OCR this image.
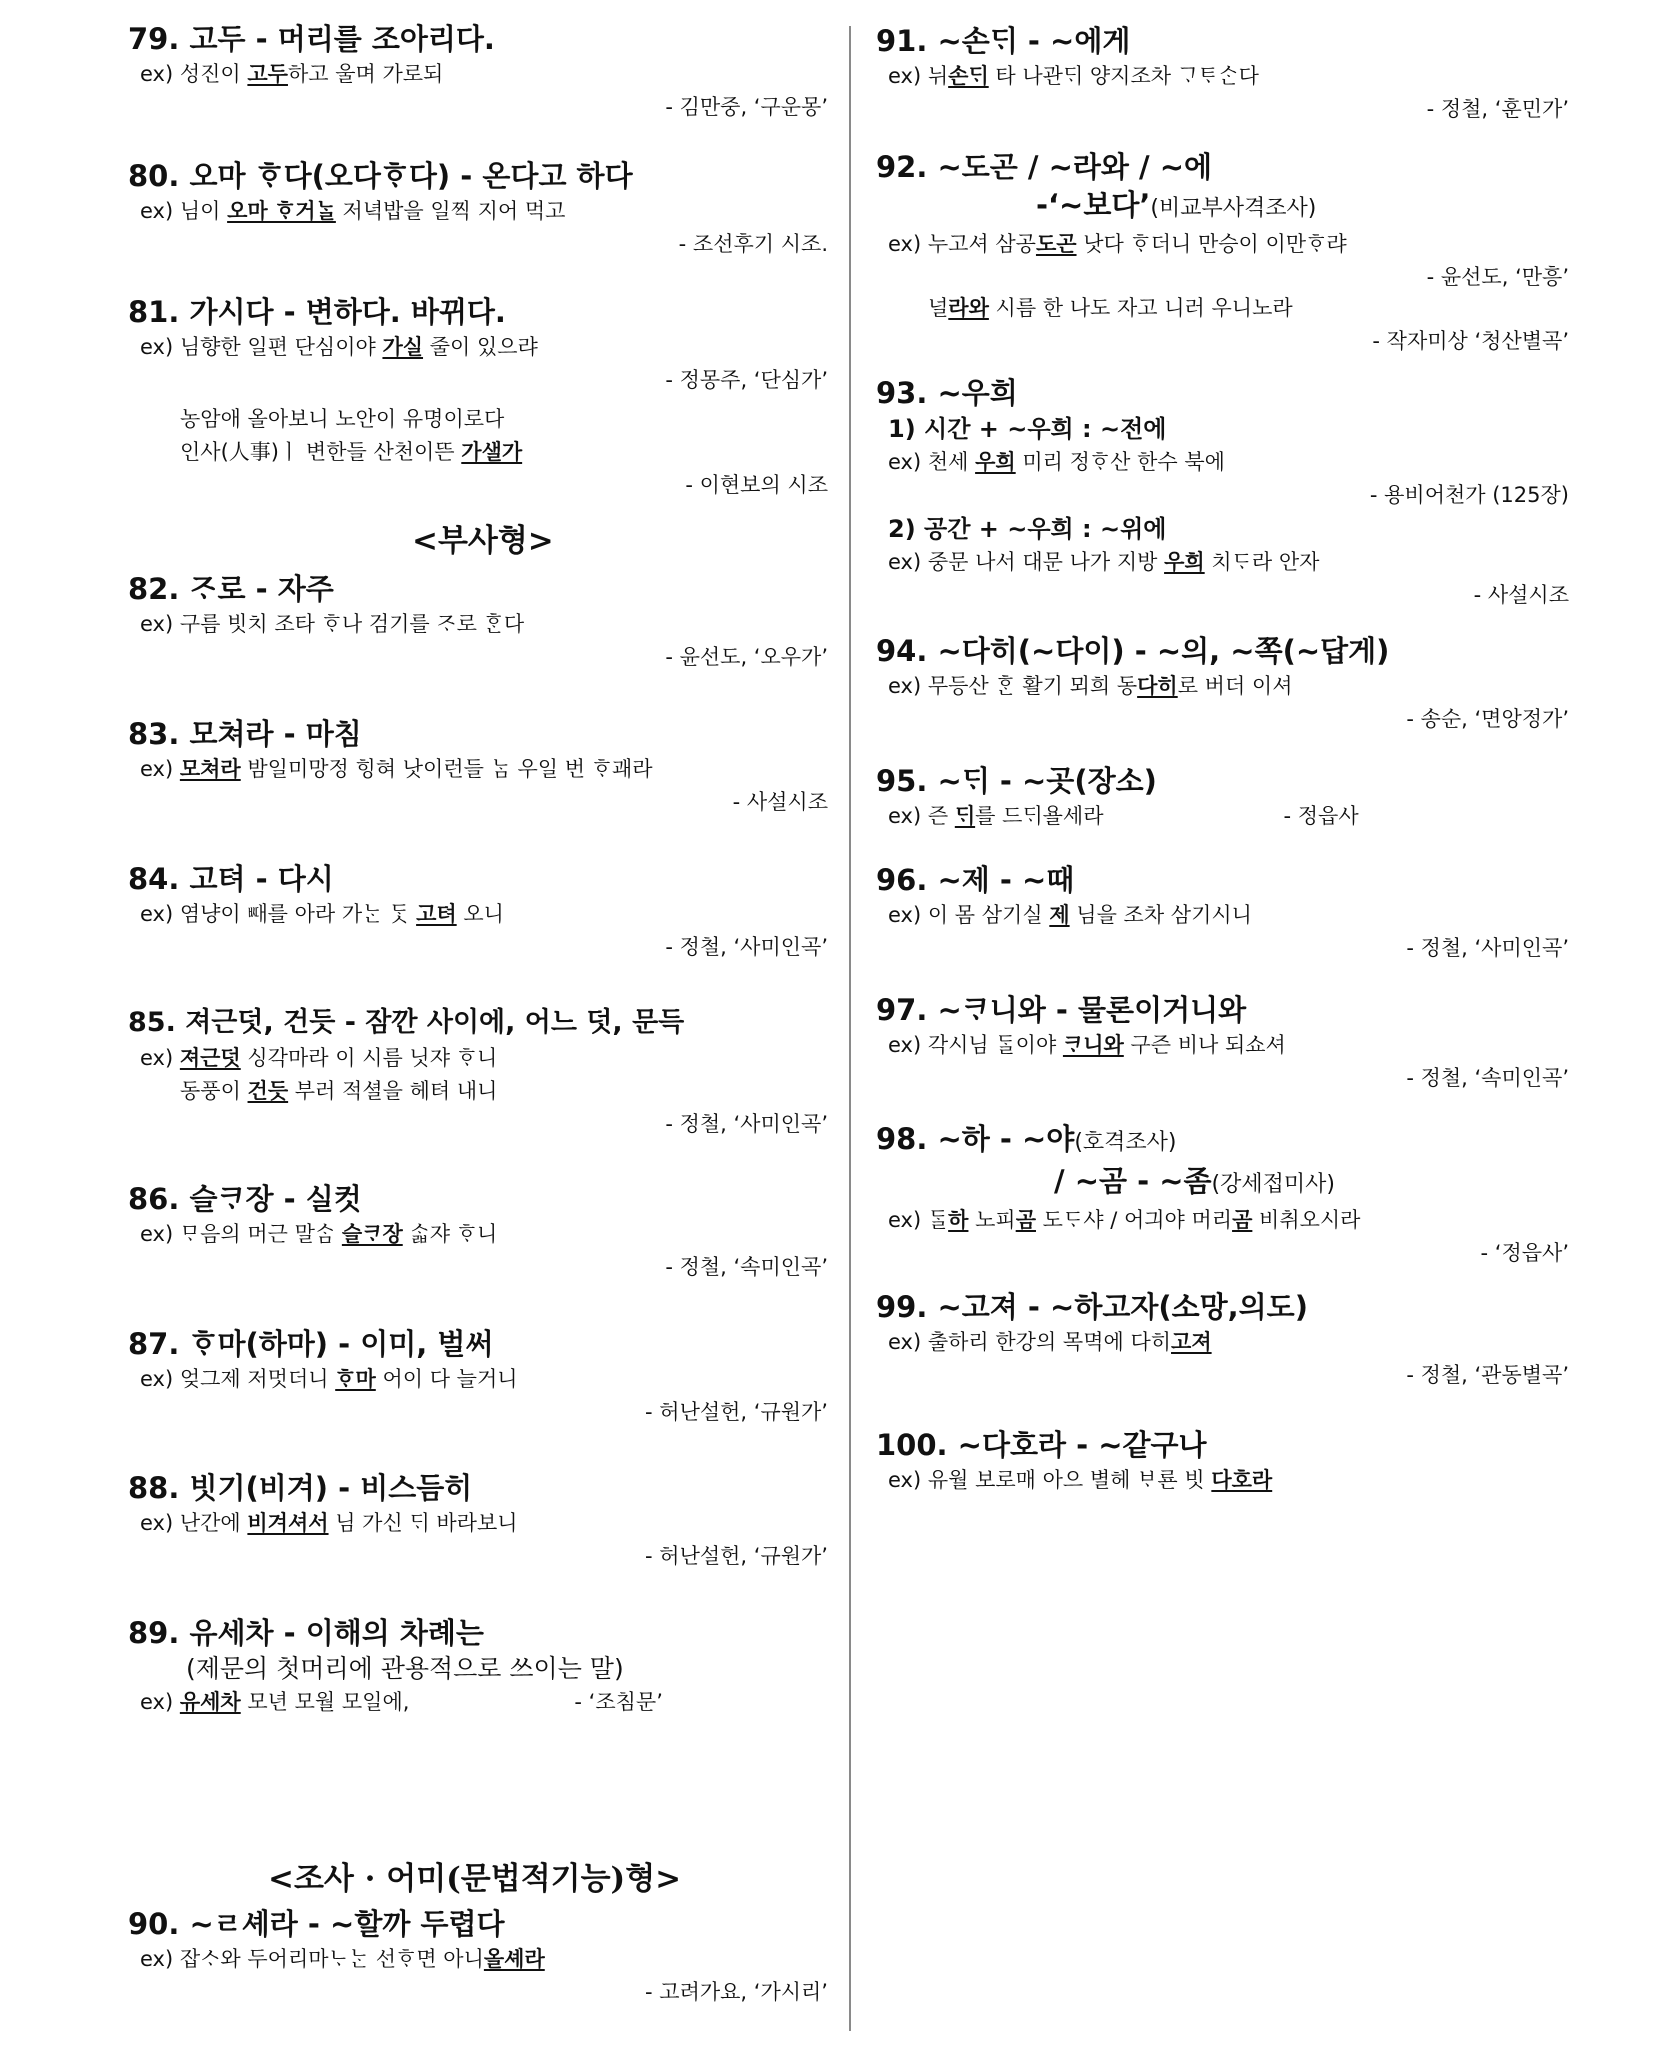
79. 고두 - 머리를 조아리다.
ex) 성진이 고두하고 울며 가로되
- 김만중, ‘구운몽’
80. 오마 ᄒᆞ다(오다ᄒᆞ다) - 온다고 하다
ex) 님이 오마 ᄒᆞ거ᄂᆞᆯ 저녁밥을 일찍 지어 먹고
- 조선후기 시조.
81. 가시다 - 변하다. 바뀌다.
ex) 님향한 일편 단심이야 가실 줄이 있으랴
- 정몽주, ‘단심가’
농암애 올아보니 노안이 유명이로다
인사(人事)ㅣ 변한들 산천이뜬 가샐가
- 이현보의 시조
<부사형>
82. ᄌᆞ로 - 자주
ex) 구름 빗치 조타 ᄒᆞ나 검기를 ᄌᆞ로 ᄒᆞᆫ다
- 윤선도, ‘오우가’
83. 모쳐라 - 마침
ex) 모쳐라 밤일미망정 힝혀 낫이런들 ᄂᆞᆷ 우일 번 ᄒᆞ괘라
- 사설시조
84. 고텨 - 다시
ex) 염냥이 ᄣᅢ를 아라 가ᄂᆞᆫ ᄃᆞᆺ 고텨 오니
- 정철, ‘사미인곡’
85. 져근덧, 건듯 - 잠깐 사이에, 어느 덧, 문득
ex) 져근덧 싱각마라 이 시름 닛쟈 ᄒᆞ니
동풍이 건듯 부러 적셜을 헤텨 내니
- 정철, ‘사미인곡’
86. 슬ᄏᆞ장 - 실컷
ex) ᄆᆞ음의 머근 말ᄉᆞᆷ 슬ᄏᆞ장 ᄉᆞᆲ쟈 ᄒᆞ니
- 정철, ‘속미인곡’
87. ᄒᆞ마(하마) - 이미, 벌써
ex) 엊그제 저멋더니 ᄒᆞ마 어이 다 늘거니
- 허난설헌, ‘규원가’
88. 빗기(비겨) - 비스듬히
ex) 난간에 비겨셔서 님 가신 ᄃᆡ 바라보니
- 허난설헌, ‘규원가’
89. 유세차 - 이해의 차례는
(제문의 첫머리에 관용적으로 쓰이는 말)
ex) 유세차 모년 모월 모일에,	- ‘조침문’
<조사 · 어미(문법적기능)형>
90. ~ㄹ셰라 - ~할까 두렵다
ex) 잡ᄉᆞ와 두어리마ᄂᆞᄂᆞᆫ 선ᄒᆞ면 아니올셰라
- 고려가요, ‘가시리’
91. ~손ᄃᆡ - ~에게
ex) 뉘손ᄃᆡ 타 나관ᄃᆡ 양지조차 ᄀᆞᄐᆞᄉᆞᆫ다
- 정철, ‘훈민가’
92. ~도곤 / ~라와 / ~에
-‘~보다’(비교부사격조사)
ex) 누고셔 삼공도곤 낫다 ᄒᆞ더니 만승이 이만ᄒᆞ랴
- 윤선도, ‘만흥’
널라와 시름 한 나도 자고 니러 우니노라
- 작자미상 ‘청산별곡’
93. ~우희
1) 시간 + ~우희 : ~전에
ex) 천세 우희 미리 정ᄒᆞ산 한수 북에
- 용비어천가 (125장)
2) 공간 + ~우희 : ~위에
ex) 중문 나서 대문 나가 지방 우희 치ᄃᆞ라 안자
- 사설시조
94. ~다히(~다이) - ~의, ~쪽(~답게)
ex) 무등산 ᄒᆞᆫ 활기 뫼희 동다히로 버더 이셔
- 송순, ‘면앙정가’
95. ~ᄃᆡ - ~곳(장소)
ex) 즌 ᄃᆡ를 드ᄃᆡ욜세라	- 정읍사
96. ~제 - ~때
ex) 이 몸 삼기실 제 님을 조차 삼기시니
- 정철, ‘사미인곡’
97. ~ᄏᆞ니와 - 물론이거니와
ex) 각시님 ᄃᆞᆯ이야 ᄏᆞ니와 구즌 비나 되쇼셔
- 정철, ‘속미인곡’
98. ~하 - ~야(호격조사)
/ ~곰 - ~좀(강세접미사)
ex) ᄃᆞᆯ하 노피곰 도ᄃᆞ샤 / 어긔야 머리곰 비취오시라
- ‘정읍사’
99. ~고져 - ~하고자(소망,의도)
ex) 출하리 한강의 목멱에 다히고져
- 정철, ‘관동별곡’
100. ~다호라 - ~같구나
ex) 유월 보로매 아으 별헤 ᄇᆞ룐 빗 다호라
